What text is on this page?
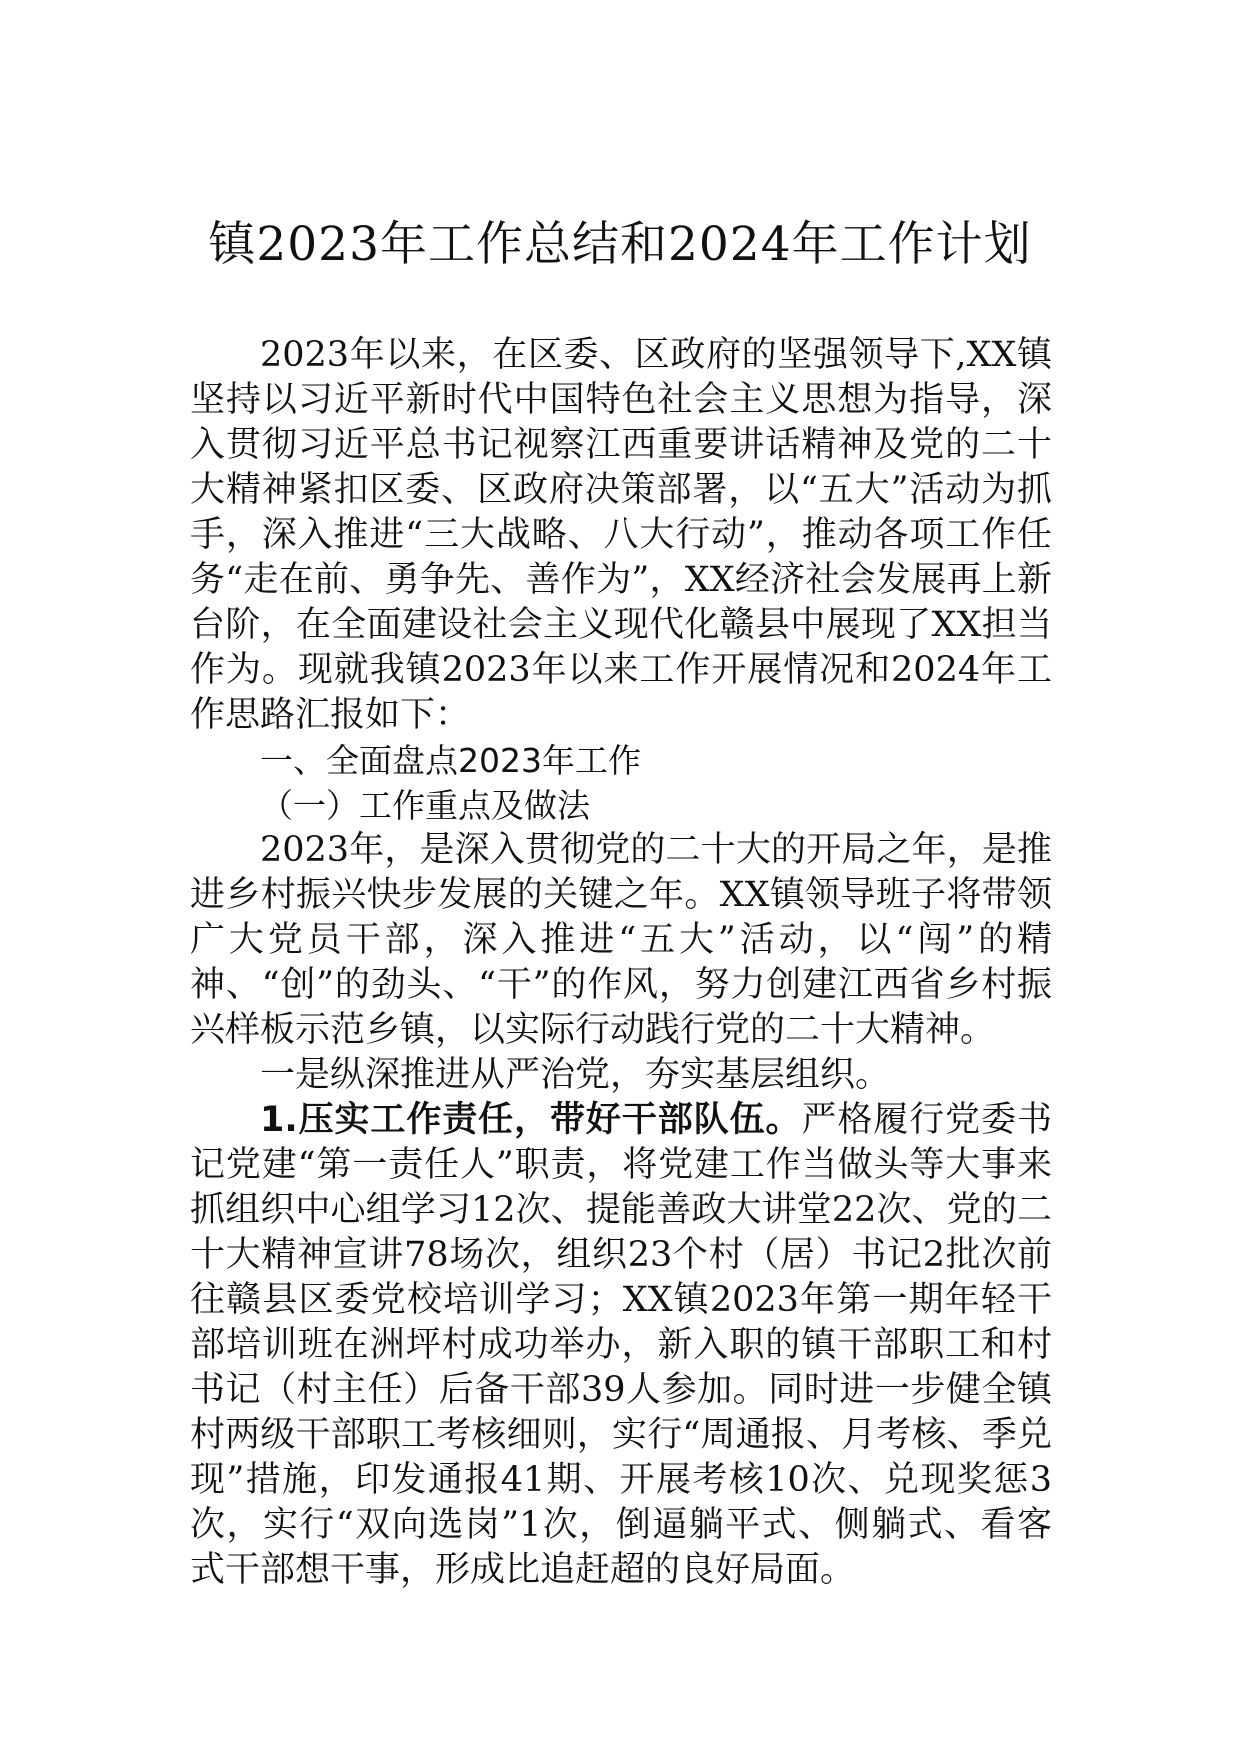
镇2023年工作总结和2024年工作计划

2023年以来，在区委、区政府的坚强领导下,XX镇坚持以习近平新时代中国特色社会主义思想为指导，深入贯彻习近平总书记视察江西重要讲话精神及党的二十大精神紧扣区委、区政府决策部署，以“五大”活动为抓手，深入推进“三大战略、八大行动”，推动各项工作任务“走在前、勇争先、善作为”，XX经济社会发展再上新台阶，在全面建设社会主义现代化赣县中展现了XX担当作为。现就我镇2023年以来工作开展情况和2024年工作思路汇报如下：

一、全面盘点2023年工作

（一）工作重点及做法

2023年，是深入贯彻党的二十大的开局之年，是推进乡村振兴快步发展的关键之年。XX镇领导班子将带领广大党员干部，深入推进“五大”活动，以“闯”的精神、“创”的劲头、“干”的作风，努力创建江西省乡村振兴样板示范乡镇，以实际行动践行党的二十大精神。

一是纵深推进从严治党，夯实基层组织。

1.压实工作责任，带好干部队伍。严格履行党委书记党建“第一责任人”职责，将党建工作当做头等大事来抓组织中心组学习12次、提能善政大讲堂22次、党的二十大精神宣讲78场次，组织23个村（居）书记2批次前往赣县区委党校培训学习；XX镇2023年第一期年轻干部培训班在洲坪村成功举办，新入职的镇干部职工和村书记（村主任）后备干部39人参加。同时进一步健全镇村两级干部职工考核细则，实行“周通报、月考核、季兑现”措施，印发通报41期、开展考核10次、兑现奖惩3次，实行“双向选岗”1次，倒逼躺平式、侧躺式、看客式干部想干事，形成比追赶超的良好局面。
